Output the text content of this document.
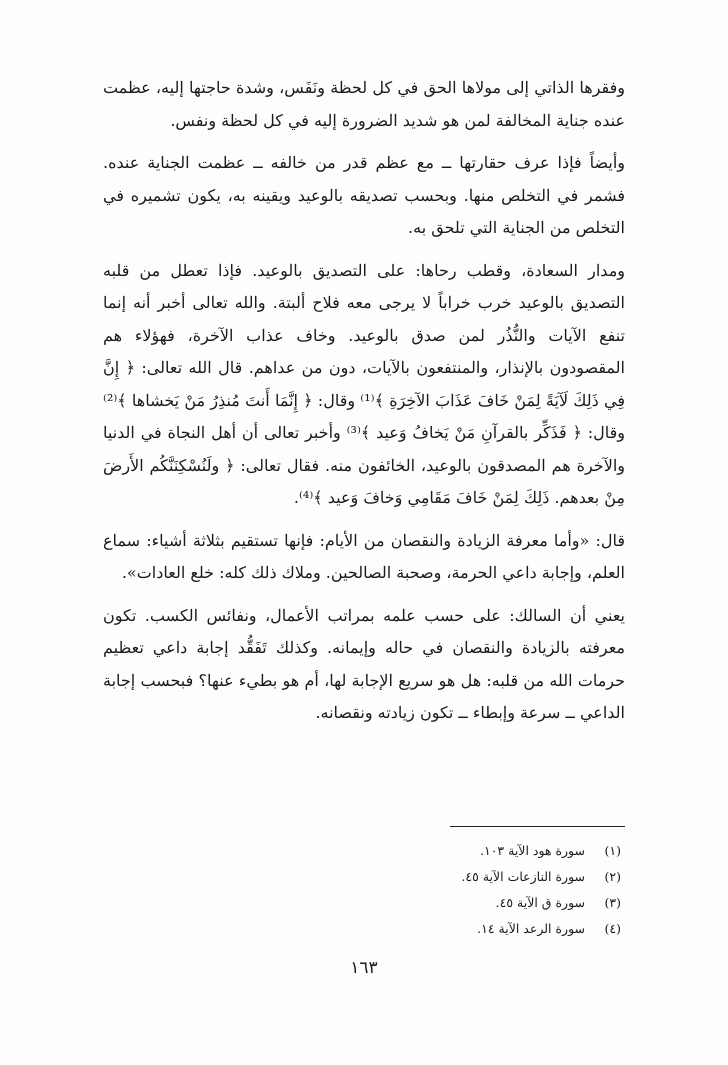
وفقرها الذاتي إلى مولاها الحق في كل لحظة ونَفَس، وشدة حاجتها إليه، عظمت عنده جناية المخالفة لمن هو شديد الضرورة إليه في كل لحظة ونفس.

وأيضاً فإذا عرف حقارتها ــ مع عظم قدر من خالفه ــ عظمت الجناية عنده. فشمر في التخلص منها. وبحسب تصديقه بالوعيد ويقينه به، يكون تشميره في التخلص من الجناية التي تلحق به.

ومدار السعادة، وقطب رحاها: على التصديق بالوعيد. فإذا تعطل من قلبه التصديق بالوعيد خرب خراباً لا يرجى معه فلاح ألبتة. والله تعالى أخبر أنه إنما تنفع الآيات والنُّذُر لمن صدق بالوعيد. وخاف عذاب الآخرة، فهؤلاء هم المقصودون بالإنذار، والمنتفعون بالآيات، دون من عداهم. قال الله تعالى: ﴿ إِنَّ فِي ذَلِكَ لَآيَةً لِمَنْ خَافَ عَذَابَ الآخِرَةِ ﴾⁽¹⁾ وقال: ﴿ إِنَّمَا أَنتَ مُنذِرُ مَنْ يَخشاها ﴾⁽²⁾ وقال: ﴿ فَذَكِّر بالقرآنِ مَنْ يَخافُ وَعيد ﴾⁽³⁾ وأخبر تعالى أن أهل النجاة في الدنيا والآخرة هم المصدقون بالوعيد، الخائفون منه. فقال تعالى: ﴿ ولَنُسْكِنَنَّكُم الأَرضَ مِنْ بعدهم. ذَلِكَ لِمَنْ خَافَ مَقَامِي وَخافَ وَعيد ﴾⁽⁴⁾.

قال: «وأما معرفة الزيادة والنقصان من الأيام: فإنها تستقيم بثلاثة أشياء: سماع العلم، وإجابة داعي الحرمة، وصحبة الصالحين. وملاك ذلك كله: خلع العادات».

يعني أن السالك: على حسب علمه بمراتب الأعمال، ونفائس الكسب. تكون معرفته بالزيادة والنقصان في حاله وإيمانه. وكذلك تَفَقُّد إجابة داعي تعظيم حرمات الله من قلبه: هل هو سريع الإجابة لها، أم هو بطيء عنها؟ فبحسب إجابة الداعي ــ سرعة وإبطاء ــ تكون زيادته ونقصانه.

(١)
سورة هود الآية ١٠٣.
(٢)
سورة النازعات الآية ٤٥.
(٣)
سورة ق الآية ٤٥.
(٤)
سورة الرعد الآية ١٤.
١٦٣
